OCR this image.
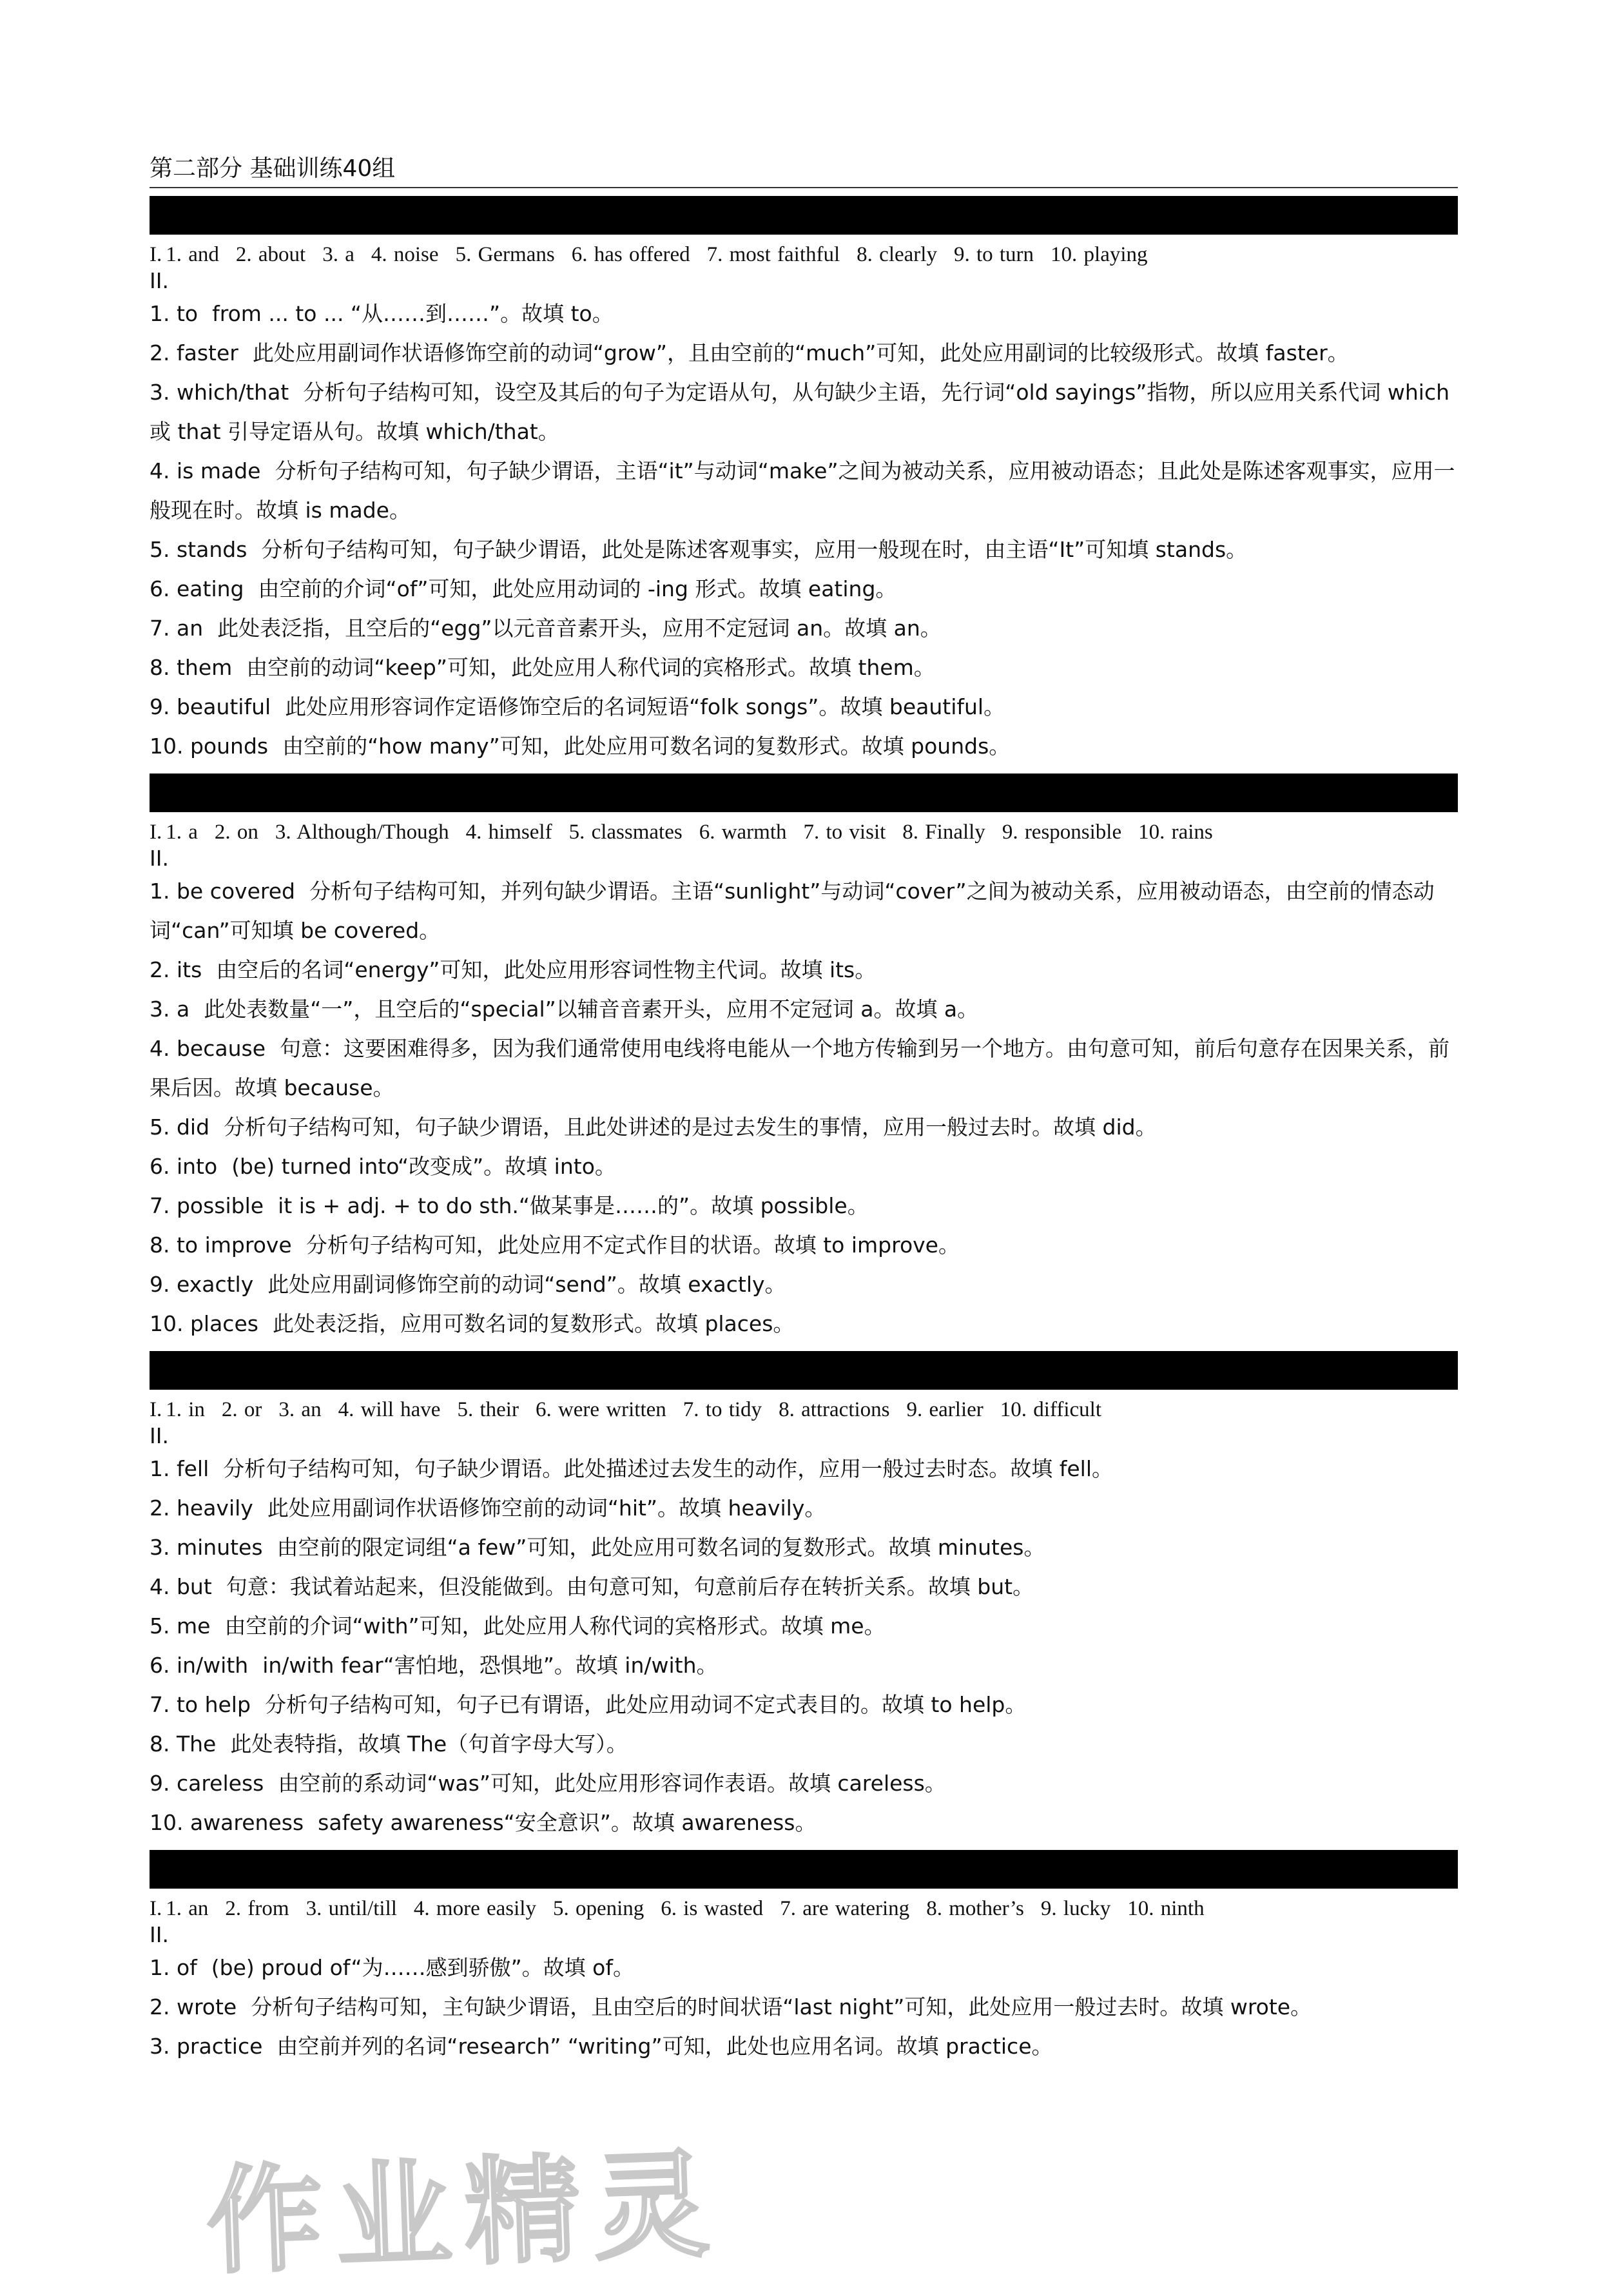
第二部分 基础训练40组
I. 1. and 2. about 3. a 4. noise 5. Germans 6. has offered 7. most faithful 8. clearly 9. to turn 10. playing
II.
1. to from ... to ... “从……到……”。故填 to。
2. faster 此处应用副词作状语修饰空前的动词“grow”，且由空前的“much”可知，此处应用副词的比较级形式。故填 faster。
3. which/that 分析句子结构可知，设空及其后的句子为定语从句，从句缺少主语，先行词“old sayings”指物，所以应用关系代词 which 或 that 引导定语从句。故填 which/that。
4. is made 分析句子结构可知，句子缺少谓语，主语“it”与动词“make”之间为被动关系，应用被动语态；且此处是陈述客观事实，应用一般现在时。故填 is made。
5. stands 分析句子结构可知，句子缺少谓语，此处是陈述客观事实，应用一般现在时，由主语“It”可知填 stands。
6. eating 由空前的介词“of”可知，此处应用动词的 -ing 形式。故填 eating。
7. an 此处表泛指，且空后的“egg”以元音音素开头，应用不定冠词 an。故填 an。
8. them 由空前的动词“keep”可知，此处应用人称代词的宾格形式。故填 them。
9. beautiful 此处应用形容词作定语修饰空后的名词短语“folk songs”。故填 beautiful。
10. pounds 由空前的“how many”可知，此处应用可数名词的复数形式。故填 pounds。
I. 1. a 2. on 3. Although/Though 4. himself 5. classmates 6. warmth 7. to visit 8. Finally 9. responsible 10. rains
II.
1. be covered 分析句子结构可知，并列句缺少谓语。主语“sunlight”与动词“cover”之间为被动关系，应用被动语态，由空前的情态动词“can”可知填 be covered。
2. its 由空后的名词“energy”可知，此处应用形容词性物主代词。故填 its。
3. a 此处表数量“一”，且空后的“special”以辅音音素开头，应用不定冠词 a。故填 a。
4. because 句意：这要困难得多，因为我们通常使用电线将电能从一个地方传输到另一个地方。由句意可知，前后句意存在因果关系，前果后因。故填 because。
5. did 分析句子结构可知，句子缺少谓语，且此处讲述的是过去发生的事情，应用一般过去时。故填 did。
6. into (be) turned into“改变成”。故填 into。
7. possible it is + adj. + to do sth.“做某事是……的”。故填 possible。
8. to improve 分析句子结构可知，此处应用不定式作目的状语。故填 to improve。
9. exactly 此处应用副词修饰空前的动词“send”。故填 exactly。
10. places 此处表泛指，应用可数名词的复数形式。故填 places。
I. 1. in 2. or 3. an 4. will have 5. their 6. were written 7. to tidy 8. attractions 9. earlier 10. difficult
II.
1. fell 分析句子结构可知，句子缺少谓语。此处描述过去发生的动作，应用一般过去时态。故填 fell。
2. heavily 此处应用副词作状语修饰空前的动词“hit”。故填 heavily。
3. minutes 由空前的限定词组“a few”可知，此处应用可数名词的复数形式。故填 minutes。
4. but 句意：我试着站起来，但没能做到。由句意可知，句意前后存在转折关系。故填 but。
5. me 由空前的介词“with”可知，此处应用人称代词的宾格形式。故填 me。
6. in/with in/with fear“害怕地，恐惧地”。故填 in/with。
7. to help 分析句子结构可知，句子已有谓语，此处应用动词不定式表目的。故填 to help。
8. The 此处表特指，故填 The（句首字母大写）。
9. careless 由空前的系动词“was”可知，此处应用形容词作表语。故填 careless。
10. awareness safety awareness“安全意识”。故填 awareness。
I. 1. an 2. from 3. until/till 4. more easily 5. opening 6. is wasted 7. are watering 8. mother’s 9. lucky 10. ninth
II.
1. of (be) proud of“为……感到骄傲”。故填 of。
2. wrote 分析句子结构可知，主句缺少谓语，且由空后的时间状语“last night”可知，此处应用一般过去时。故填 wrote。
3. practice 由空前并列的名词“research” “writing”可知，此处也应用名词。故填 practice。
作业精灵
